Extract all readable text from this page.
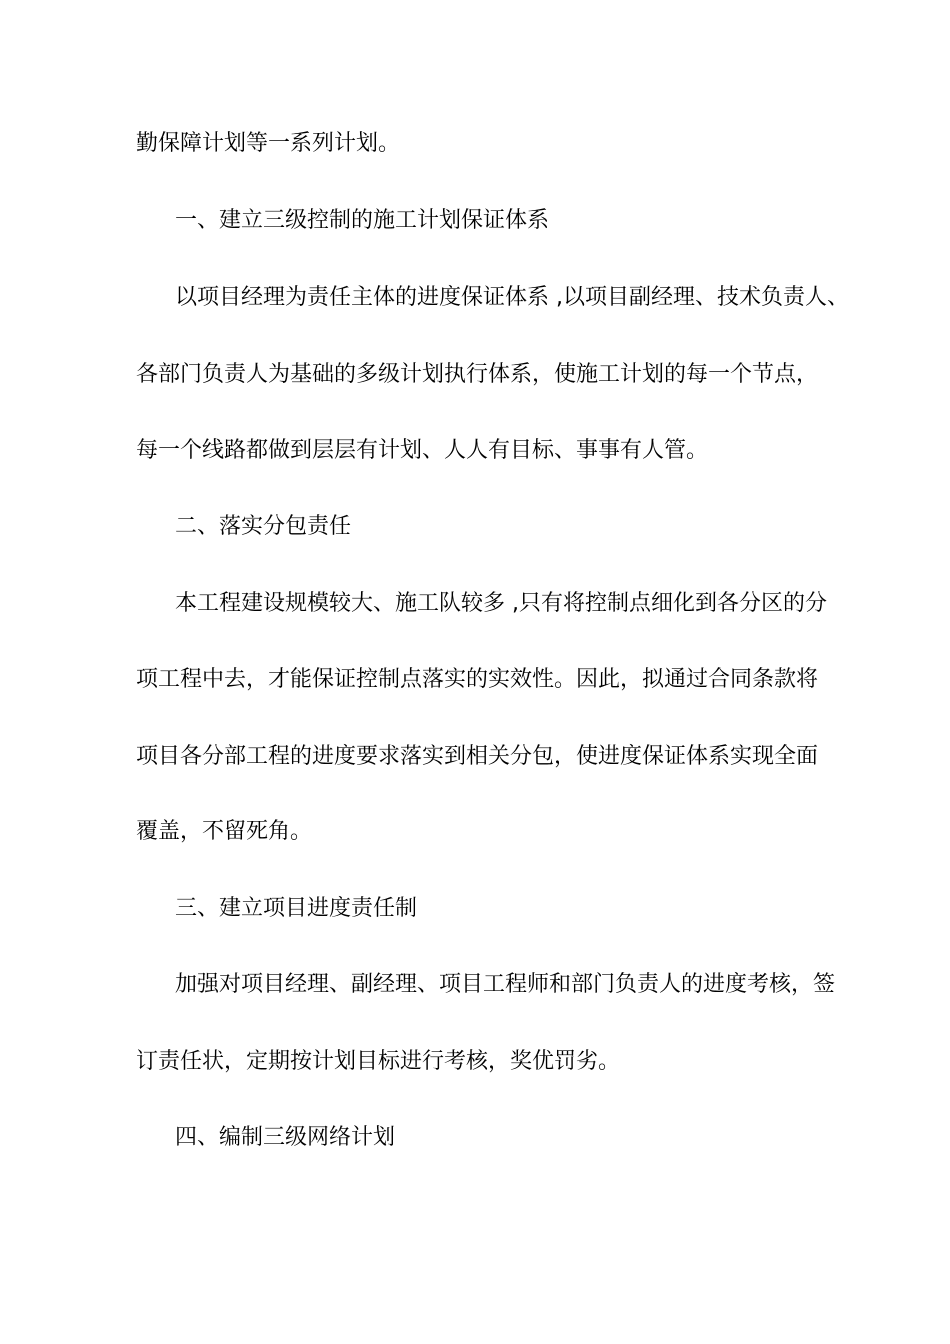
勤保障计划等一系列计划。
一、建立三级控制的施工计划保证体系
以项目经理为责任主体的进度保证体系 ,以项目副经理、技术负责人、
各部门负责人为基础的多级计划执行体系，使施工计划的每一个节点，
每一个线路都做到层层有计划、人人有目标、事事有人管。
二、落实分包责任
本工程建设规模较大、施工队较多 ,只有将控制点细化到各分区的分
项工程中去，才能保证控制点落实的实效性。因此，拟通过合同条款将
项目各分部工程的进度要求落实到相关分包，使进度保证体系实现全面
覆盖，不留死角。
三、建立项目进度责任制
加强对项目经理、副经理、项目工程师和部门负责人的进度考核，签
订责任状，定期按计划目标进行考核，奖优罚劣。
四、编制三级网络计划
